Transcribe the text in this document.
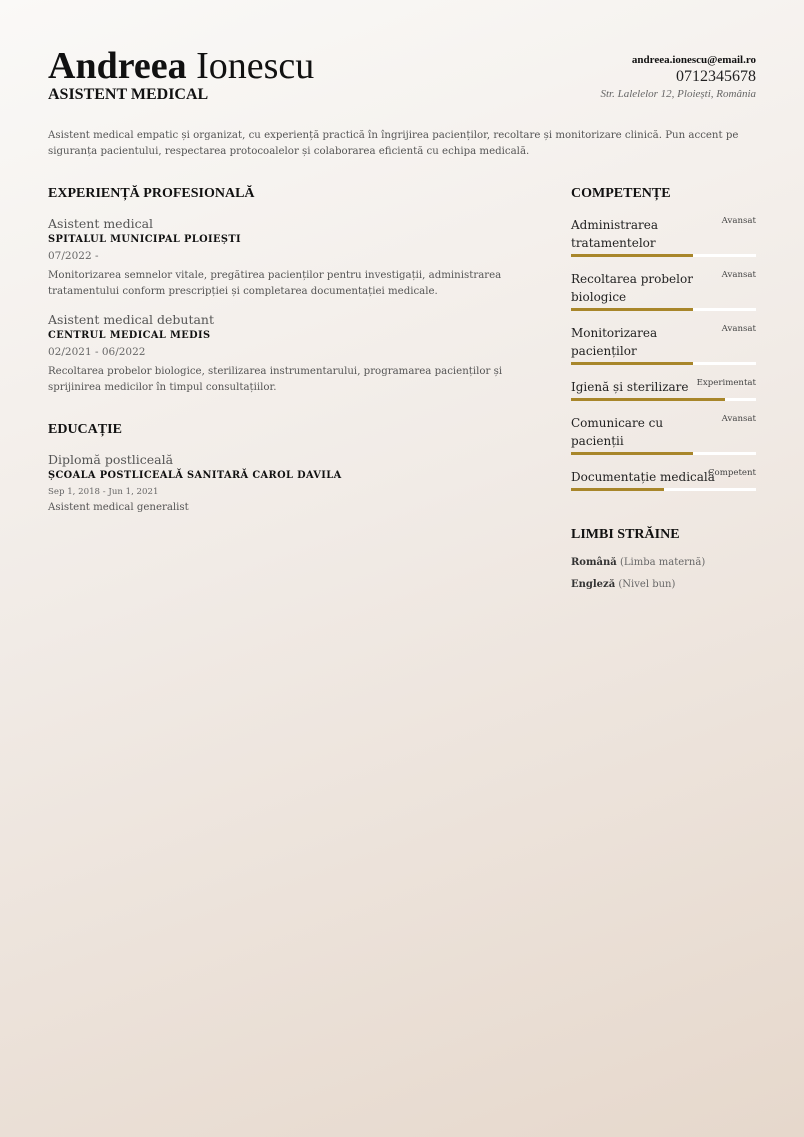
Andreea Ionescu
ASISTENT MEDICAL
andreea.ionescu@email.ro
0712345678
Str. Lalelelor 12, Ploiești, România
Asistent medical empatic și organizat, cu experiență practică în îngrijirea pacienților, recoltare și monitorizare clinică. Pun accent pe siguranța pacientului, respectarea protocoalelor și colaborarea eficientă cu echipa medicală.
EXPERIENȚĂ PROFESIONALĂ
Asistent medical
SPITALUL MUNICIPAL PLOIEȘTI
07/2022 -
Monitorizarea semnelor vitale, pregătirea pacienților pentru investigații, administrarea tratamentului conform prescripției și completarea documentației medicale.
Asistent medical debutant
CENTRUL MEDICAL MEDIS
02/2021 - 06/2022
Recoltarea probelor biologice, sterilizarea instrumentarului, programarea pacienților și sprijinirea medicilor în timpul consultațiilor.
EDUCAȚIE
Diplomă postliceală
ȘCOALA POSTLICEALĂ SANITARĂ CAROL DAVILA
Sep 1, 2018 - Jun 1, 2021
Asistent medical generalist
COMPETENȚE
Administrarea tratamentelor
Avansat
Recoltarea probelor biologice
Avansat
Monitorizarea pacienților
Avansat
Igienă și sterilizare Experimentat
Comunicare cu pacienții
Avansat
Documentație medicală
Competent
LIMBI STRĂINE
Română (Limba maternă)
Engleză (Nivel bun)
